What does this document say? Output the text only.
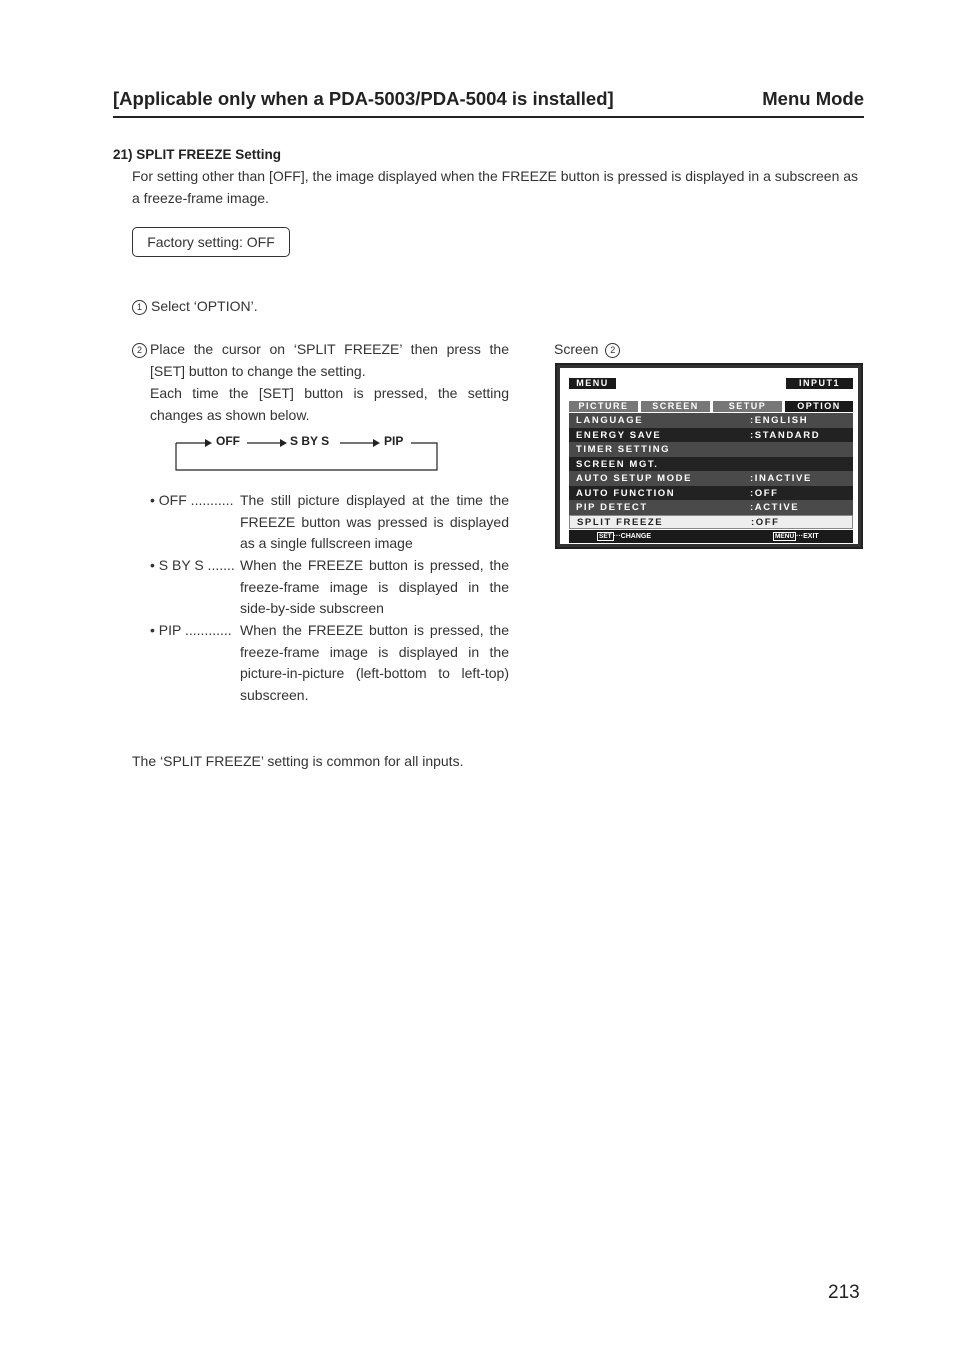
[Applicable only when a PDA-5003/PDA-5004 is installed]	Menu Mode
21) SPLIT FREEZE Setting
For setting other than [OFF], the image displayed when the FREEZE button is pressed is displayed in a subscreen as a freeze-frame image.
Factory setting: OFF
1 Select ‘OPTION’.
2 Place the cursor on ‘SPLIT FREEZE’ then press the [SET] button to change the setting.
Each time the [SET] button is pressed, the setting changes as shown below.
OFF	S BY S	PIP
• OFF ........... The still picture displayed at the time the FREEZE button was pressed is displayed as a single fullscreen image
• S BY S ....... When the FREEZE button is pressed, the freeze-frame image is displayed in the side-by-side subscreen
• PIP ............ When the FREEZE button is pressed, the freeze-frame image is displayed in the picture-in-picture (left-bottom to left-top) subscreen.
The ‘SPLIT FREEZE’ setting is common for all inputs.
Screen 2
MENU	INPUT1
PICTURE	SCREEN	SETUP	OPTION
LANGUAGE	:ENGLISH
ENERGY SAVE	:STANDARD
TIMER SETTING
SCREEN MGT.
AUTO SETUP MODE	:INACTIVE
AUTO FUNCTION	:OFF
PIP DETECT	:ACTIVE
SPLIT FREEZE	:OFF
SET ···CHANGE	MENU ···EXIT
213
